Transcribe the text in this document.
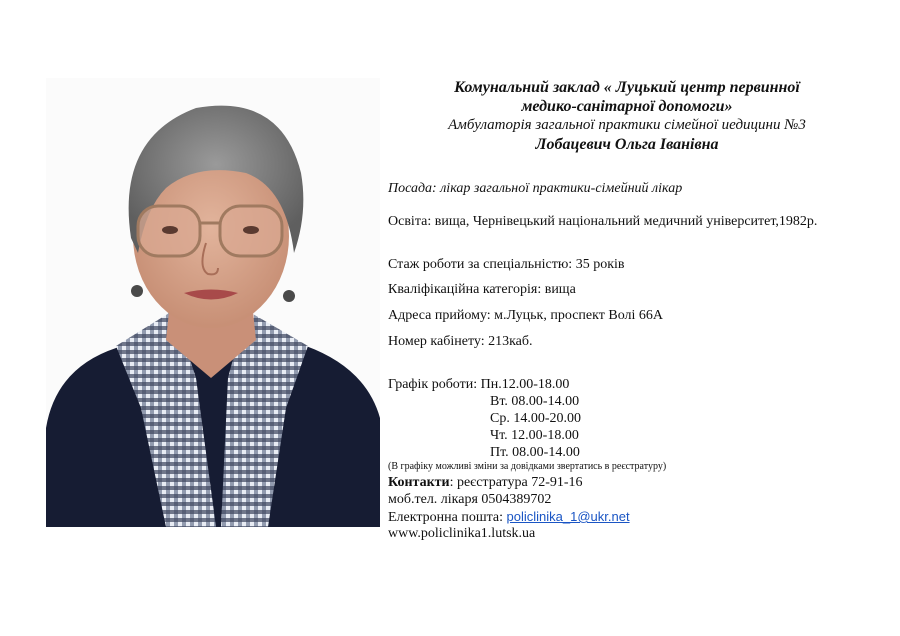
Комунальний заклад « Луцький центр первинної
медико-санітарної допомоги»
Амбулаторія загальної практики сімейної иедицини №3
Лобацевич Ольга Іванівна
Посада: лікар загальної практики-сімейний лікар
Освіта: вища, Чернівецький національний медичний університет,1982р.
Стаж роботи за спеціальністю: 35 років
Кваліфікаційна категорія: вища
Адреса прийому: м.Луцьк, проспект Волі 66А
Номер кабінету: 213каб.
Графік роботи: Пн.12.00-18.00
Вт. 08.00-14.00
Ср. 14.00-20.00
Чт. 12.00-18.00
Пт. 08.00-14.00
(В графіку можливі зміни за довідками звертатись в реєстратуру)
Контакти: реєстратура 72-91-16
моб.тел. лікаря 0504389702
Електронна пошта: policlinika_1@ukr.net
www.policlinika1.lutsk.ua
